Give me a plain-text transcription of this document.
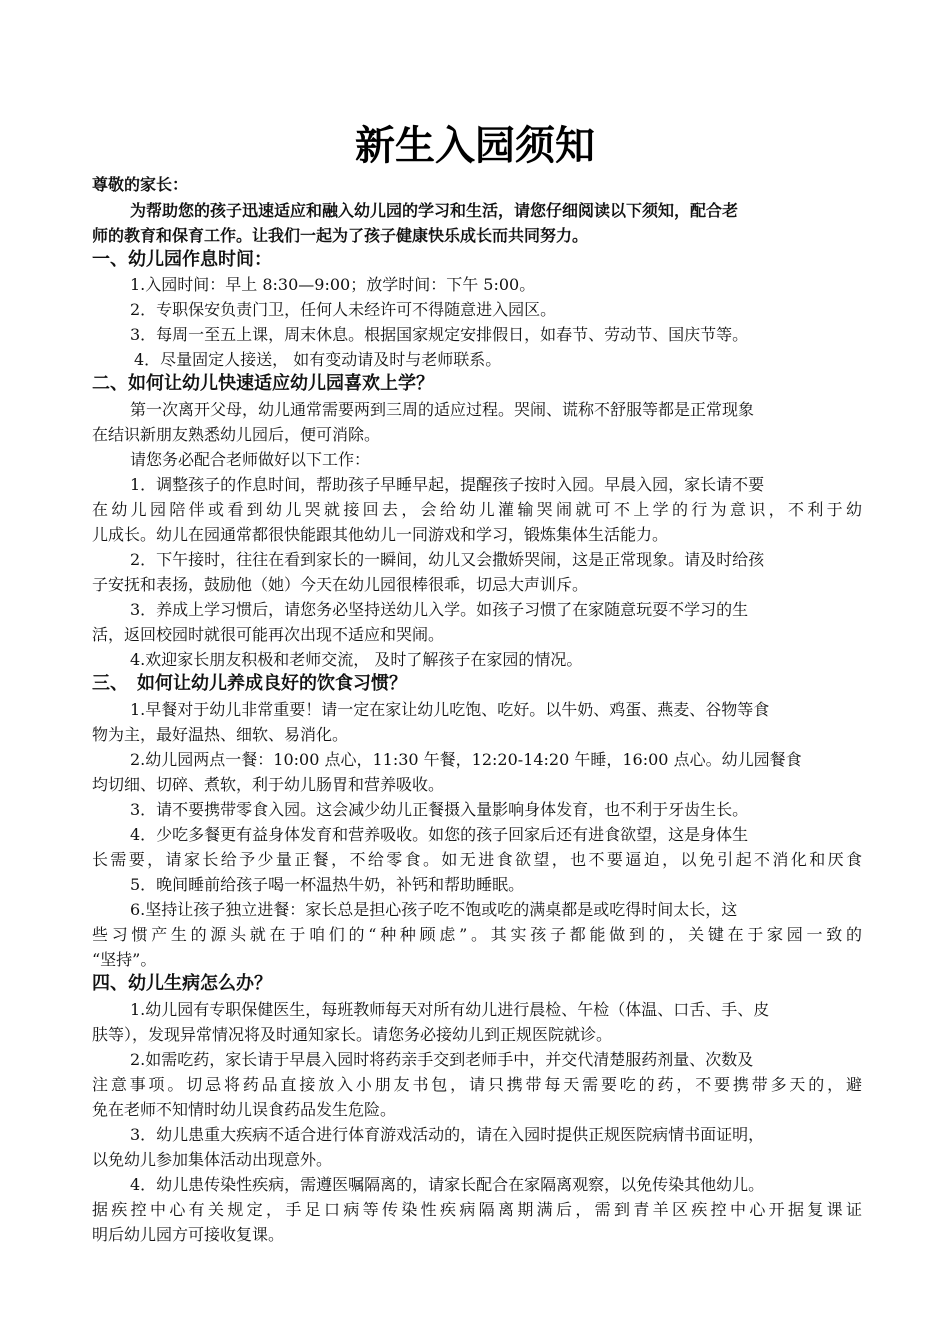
新生入园须知
尊敬的家长：
为帮助您的孩子迅速适应和融入幼儿园的学习和生活，请您仔细阅读以下须知，配合老
师的教育和保育工作。让我们一起为了孩子健康快乐成长而共同努力。
一、幼儿园作息时间：
1.入园时间：早上 8:30—9:00；放学时间：下午 5:00。
2．专职保安负责门卫，任何人未经许可不得随意进入园区。
3．每周一至五上课，周末休息。根据国家规定安排假日，如春节、劳动节、国庆节等。
4．尽量固定人接送， 如有变动请及时与老师联系。
二、如何让幼儿快速适应幼儿园喜欢上学？
第一次离开父母，幼儿通常需要两到三周的适应过程。哭闹、谎称不舒服等都是正常现象
在结识新朋友熟悉幼儿园后，便可消除。
请您务必配合老师做好以下工作：
1．调整孩子的作息时间，帮助孩子早睡早起，提醒孩子按时入园。早晨入园，家长请不要
在幼儿园陪伴或看到幼儿哭就接回去，会给幼儿灌输哭闹就可不上学的行为意识，不利于幼
儿成长。幼儿在园通常都很快能跟其他幼儿一同游戏和学习，锻炼集体生活能力。
2．下午接时，往往在看到家长的一瞬间，幼儿又会撒娇哭闹，这是正常现象。请及时给孩
子安抚和表扬，鼓励他（她）今天在幼儿园很棒很乖，切忌大声训斥。
3．养成上学习惯后，请您务必坚持送幼儿入学。如孩子习惯了在家随意玩耍不学习的生
活，返回校园时就很可能再次出现不适应和哭闹。
4.欢迎家长朋友积极和老师交流， 及时了解孩子在家园的情况。
三、　如何让幼儿养成良好的饮食习惯？
1.早餐对于幼儿非常重要！请一定在家让幼儿吃饱、吃好。以牛奶、鸡蛋、燕麦、谷物等食
物为主，最好温热、细软、易消化。
2.幼儿园两点一餐：10:00 点心，11:30 午餐，12:20-14:20 午睡，16:00 点心。幼儿园餐食
均切细、切碎、煮软，利于幼儿肠胃和营养吸收。
3．请不要携带零食入园。这会减少幼儿正餐摄入量影响身体发育，也不利于牙齿生长。
4．少吃多餐更有益身体发育和营养吸收。如您的孩子回家后还有进食欲望，这是身体生
长需要，请家长给予少量正餐，不给零食。如无进食欲望，也不要逼迫，以免引起不消化和厌食
5．晚间睡前给孩子喝一杯温热牛奶，补钙和帮助睡眠。
6.坚持让孩子独立进餐：家长总是担心孩子吃不饱或吃的满桌都是或吃得时间太长，这
些习惯产生的源头就在于咱们的“种种顾虑”。其实孩子都能做到的，关键在于家园一致的
“坚持”。
四、幼儿生病怎么办？
1.幼儿园有专职保健医生，每班教师每天对所有幼儿进行晨检、午检（体温、口舌、手、皮
肤等），发现异常情况将及时通知家长。请您务必接幼儿到正规医院就诊。
2.如需吃药，家长请于早晨入园时将药亲手交到老师手中，并交代清楚服药剂量、次数及
注意事项。切忌将药品直接放入小朋友书包，请只携带每天需要吃的药，不要携带多天的，避
免在老师不知情时幼儿误食药品发生危险。
3．幼儿患重大疾病不适合进行体育游戏活动的，请在入园时提供正规医院病情书面证明，
以免幼儿参加集体活动出现意外。
4．幼儿患传染性疾病，需遵医嘱隔离的，请家长配合在家隔离观察，以免传染其他幼儿。
据疾控中心有关规定，手足口病等传染性疾病隔离期满后，需到青羊区疾控中心开据复课证
明后幼儿园方可接收复课。
